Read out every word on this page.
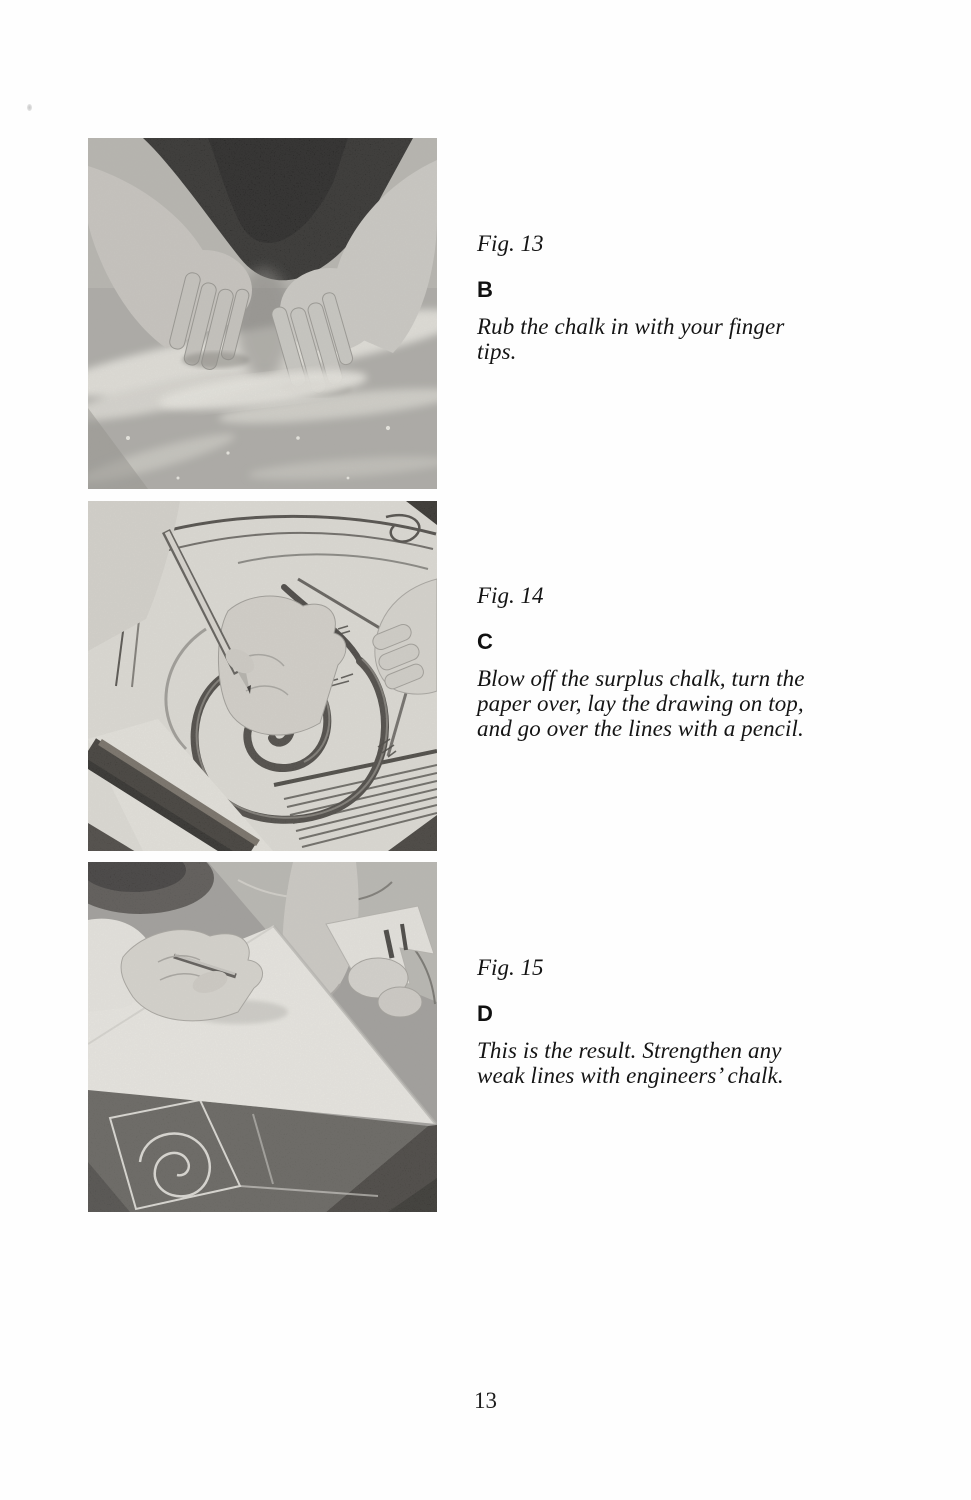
Fig. 13

B

Rub the chalk in with your finger tips.

Fig. 14

C

Blow off the surplus chalk, turn the paper over, lay the drawing on top, and go over the lines with a pencil.

Fig. 15

D

This is the result. Strengthen any weak lines with engineers’ chalk.

13
